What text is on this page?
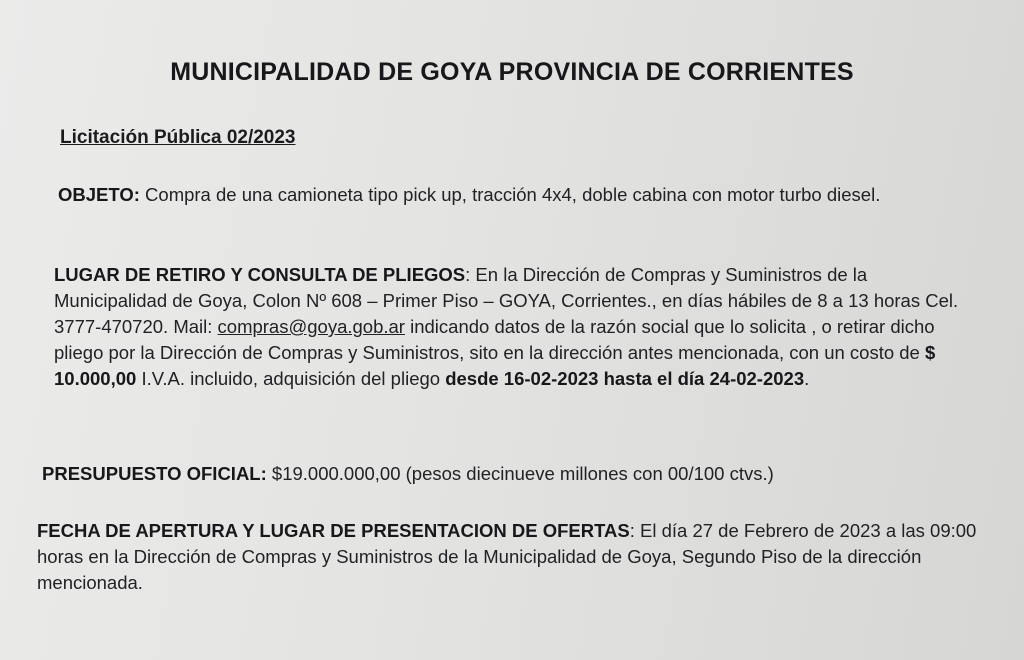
MUNICIPALIDAD DE GOYA PROVINCIA DE CORRIENTES
Licitación Pública 02/2023
OBJETO: Compra de una camioneta tipo pick up, tracción 4x4, doble cabina con motor turbo diesel.
LUGAR DE RETIRO Y CONSULTA DE PLIEGOS: En la Dirección de Compras y Suministros de la Municipalidad de Goya, Colon Nº 608 – Primer Piso – GOYA, Corrientes., en días hábiles de 8 a 13 horas Cel. 3777-470720. Mail: compras@goya.gob.ar indicando datos de la razón social que lo solicita , o retirar dicho pliego por la Dirección de Compras y Suministros, sito en la dirección antes mencionada, con un costo de $ 10.000,00 I.V.A. incluido, adquisición del pliego desde 16-02-2023 hasta el día 24-02-2023.
PRESUPUESTO OFICIAL: $19.000.000,00 (pesos diecinueve millones con 00/100 ctvs.)
FECHA DE APERTURA Y LUGAR DE PRESENTACION DE OFERTAS: El día 27 de Febrero de 2023 a las 09:00 horas en la Dirección de Compras y Suministros de la Municipalidad de Goya, Segundo Piso de la dirección mencionada.
